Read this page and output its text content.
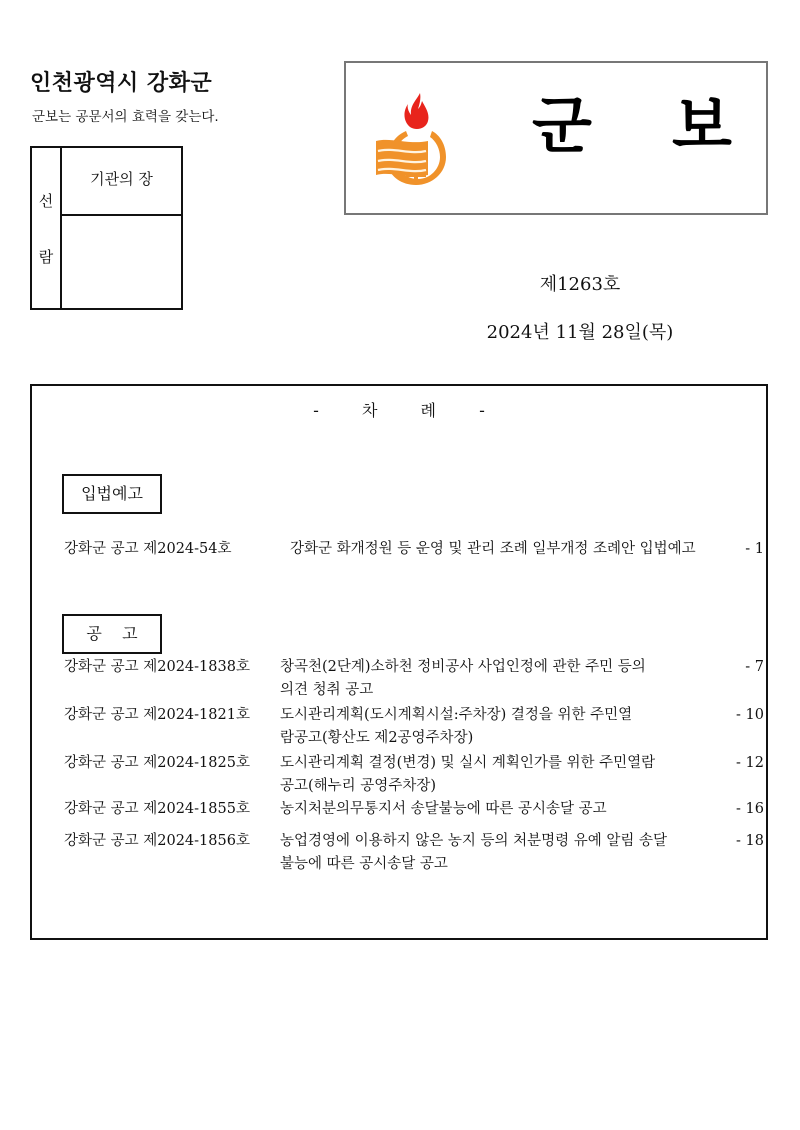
인천광역시 강화군
군보는 공문서의 효력을 갖는다.
선
람
기관의 장
군 보
제1263호
2024년 11월 28일(목)
- 차 례 -
입법예고
강화군 공고 제2024-54호	강화군 화개정원 등 운영 및 관리 조례 일부개정 조례안 입법예고	- 1
공    고
강화군 공고 제2024-1838호 창곡천(2단계)소하천 정비공사 사업인정에 관한 주민 등의
의견 청취 공고
- 7
강화군 공고 제2024-1821호 도시관리계획(도시계획시설:주차장) 결정을 위한 주민열
람공고(황산도 제2공영주차장)
- 10
강화군 공고 제2024-1825호 도시관리계획 결정(변경) 및 실시 계획인가를 위한 주민열람
공고(해누리 공영주차장)
- 12
강화군 공고 제2024-1855호 농지처분의무통지서 송달불능에 따른 공시송달 공고	- 16
강화군 공고 제2024-1856호 농업경영에 이용하지 않은 농지 등의 처분명령 유예 알림 송달
불능에 따른 공시송달 공고
- 18
